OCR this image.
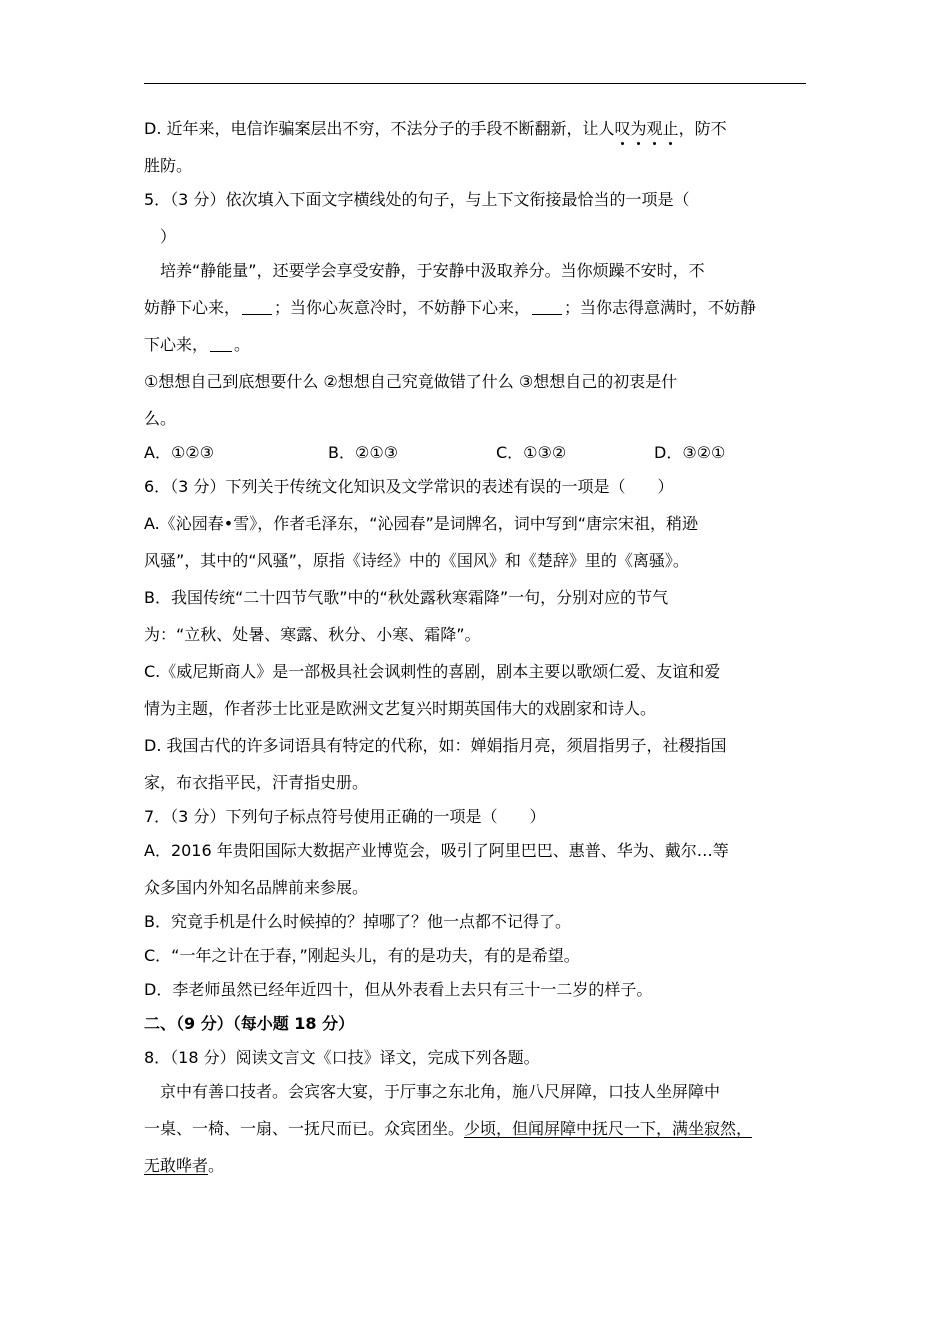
D. 近年来，电信诈骗案层出不穷，不法分子的手段不断翻新，让人叹为观止，防不
胜防。
5．（3 分）依次填入下面文字横线处的句子，与上下文衔接最恰当的一项是（
）
培养“静能量”，还要学会享受安静，于安静中汲取养分。当你烦躁不安时，不
妨静下心来， ；当你心灰意冷时，不妨静下心来， ；当你志得意满时，不妨静
下心来， 。
①想想自己到底想要什么 ②想想自己究竟做错了什么 ③想想自己的初衷是什
么。
A．①②③	B．②①③	C．①③②	D．③②①
6．（3 分）下列关于传统文化知识及文学常识的表述有误的一项是（　　）
A.《沁园春•雪》，作者毛泽东，“沁园春”是词牌名，词中写到“唐宗宋祖，稍逊
风骚”，其中的“风骚”，原指《诗经》中的《国风》和《楚辞》里的《离骚》。
B．我国传统“二十四节气歌”中的“秋处露秋寒霜降”一句，分别对应的节气
为：“立秋、处暑、寒露、秋分、小寒、霜降”。
C.《威尼斯商人》是一部极具社会讽刺性的喜剧，剧本主要以歌颂仁爱、友谊和爱
情为主题，作者莎士比亚是欧洲文艺复兴时期英国伟大的戏剧家和诗人。
D. 我国古代的许多词语具有特定的代称，如：婵娟指月亮，须眉指男子，社稷指国
家，布衣指平民，汗青指史册。
7．（3 分）下列句子标点符号使用正确的一项是（　　）
A．2016 年贵阳国际大数据产业博览会，吸引了阿里巴巴、惠普、华为、戴尔…等
众多国内外知名品牌前来参展。
B．究竟手机是什么时候掉的？掉哪了？他一点都不记得了。
C．“一年之计在于春，”刚起头儿，有的是功夫，有的是希望。
D．李老师虽然已经年近四十，但从外表看上去只有三十一二岁的样子。
二、（9 分）（每小题 18 分）
8．（18 分）阅读文言文《口技》译文，完成下列各题。
京中有善口技者。会宾客大宴，于厅事之东北角，施八尺屏障，口技人坐屏障中
一桌、一椅、一扇、一抚尺而已。众宾团坐。少顷，但闻屏障中抚尺一下，满坐寂然，
无敢哗者。
